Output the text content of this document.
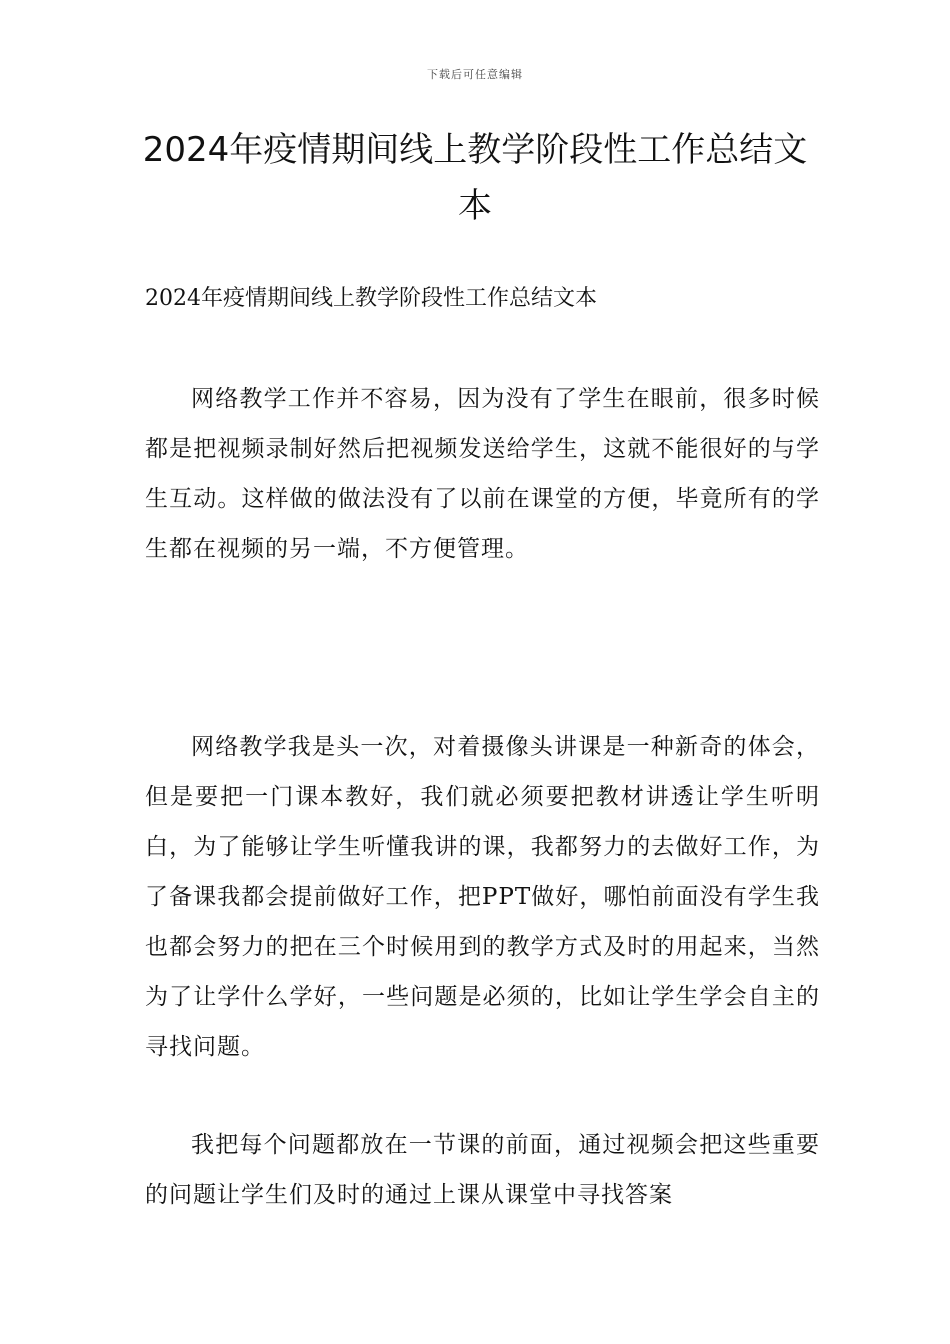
下载后可任意编辑
2024年疫情期间线上教学阶段性工作总结文本

2024年疫情期间线上教学阶段性工作总结文本

网络教学工作并不容易，因为没有了学生在眼前，很多时候都是把视频录制好然后把视频发送给学生，这就不能很好的与学生互动。这样做的做法没有了以前在课堂的方便，毕竟所有的学生都在视频的另一端，不方便管理。

网络教学我是头一次，对着摄像头讲课是一种新奇的体会，但是要把一门课本教好，我们就必须要把教材讲透让学生听明白，为了能够让学生听懂我讲的课，我都努力的去做好工作，为了备课我都会提前做好工作，把PPT做好，哪怕前面没有学生我也都会努力的把在三个时候用到的教学方式及时的用起来，当然为了让学什么学好，一些问题是必须的，比如让学生学会自主的寻找问题。

我把每个问题都放在一节课的前面，通过视频会把这些重要的问题让学生们及时的通过上课从课堂中寻找答案
